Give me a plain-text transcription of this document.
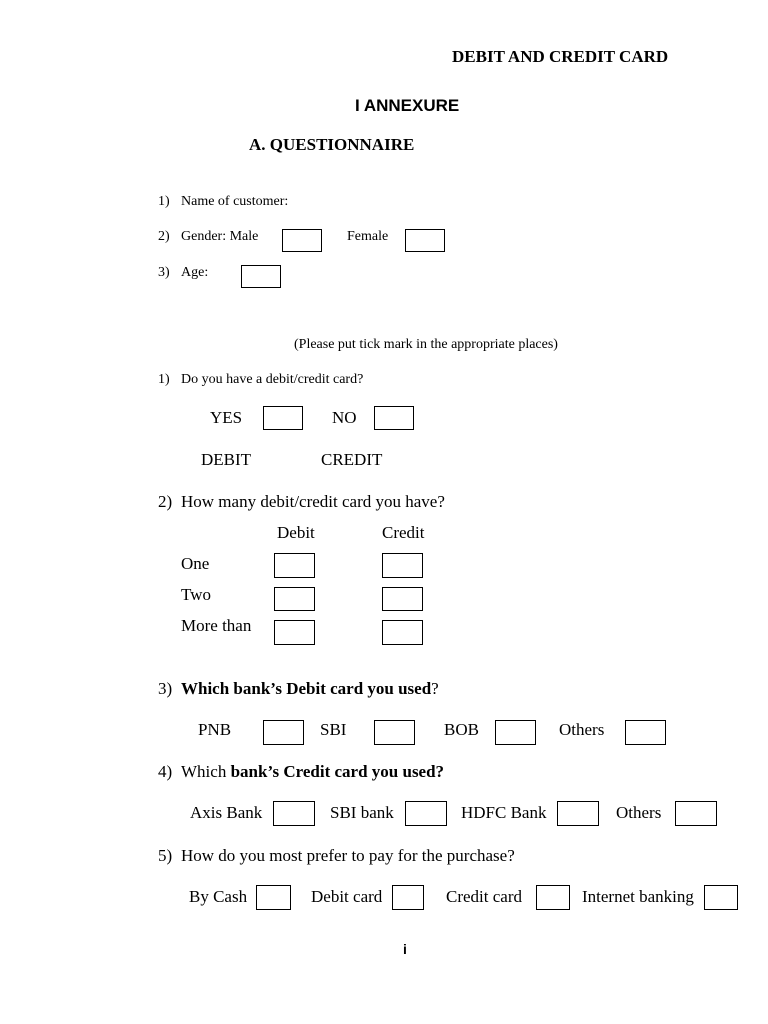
DEBIT AND CREDIT CARD
I ANNEXURE
A. QUESTIONNAIRE
1) Name of customer:
2) Gender: Male	Female
3) Age:
(Please put tick mark in the appropriate places)
1) Do you have a debit/credit card?
YES	NO
DEBIT	CREDIT
2) How many debit/credit card you have?
Debit	Credit
One
Two
More than
3) Which bank’s Debit card you used?
PNB	SBI	BOB	Others
4) Which bank’s Credit card you used?
Axis Bank	SBI bank	HDFC Bank	Others
5) How do you most prefer to pay for the purchase?
By Cash	Debit card	Credit card	Internet banking
i
